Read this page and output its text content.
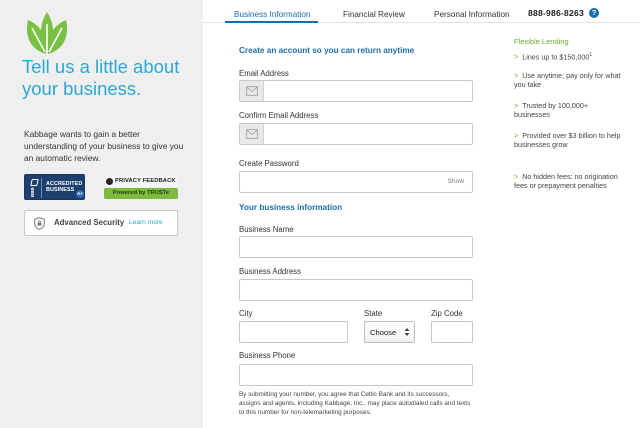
Tell us a little about your business.
Kabbage wants to gain a better understanding of your business to give you an automatic review.
BBB
ACCREDITED
BUSINESS
A+
PRIVACY FEEDBACK
Powered by TRUSTe
Advanced Security Learn more
Business Information	Financial Review	Personal Information 888-986-8263	?
Create an account so you can return anytime
Email Address
Confirm Email Address
Create Password
Show
Your business information
Business Name
Business Address
City	State
Choose
Zip Code
Business Phone
By submitting your number, you agree that Celtic Bank and its successors, assigns and agents, including Kabbage, Inc., may place autodialed calls and texts to this number for non-telemarketing purposes.
Flexible Lending
> Lines up to $\$150,000^1$
> Use anytime; pay only for what you take
> Trusted by 100,000+ businesses
> Provided over $3 billion to help businesses grow
> No hidden fees: no origination fees or prepayment penalties
